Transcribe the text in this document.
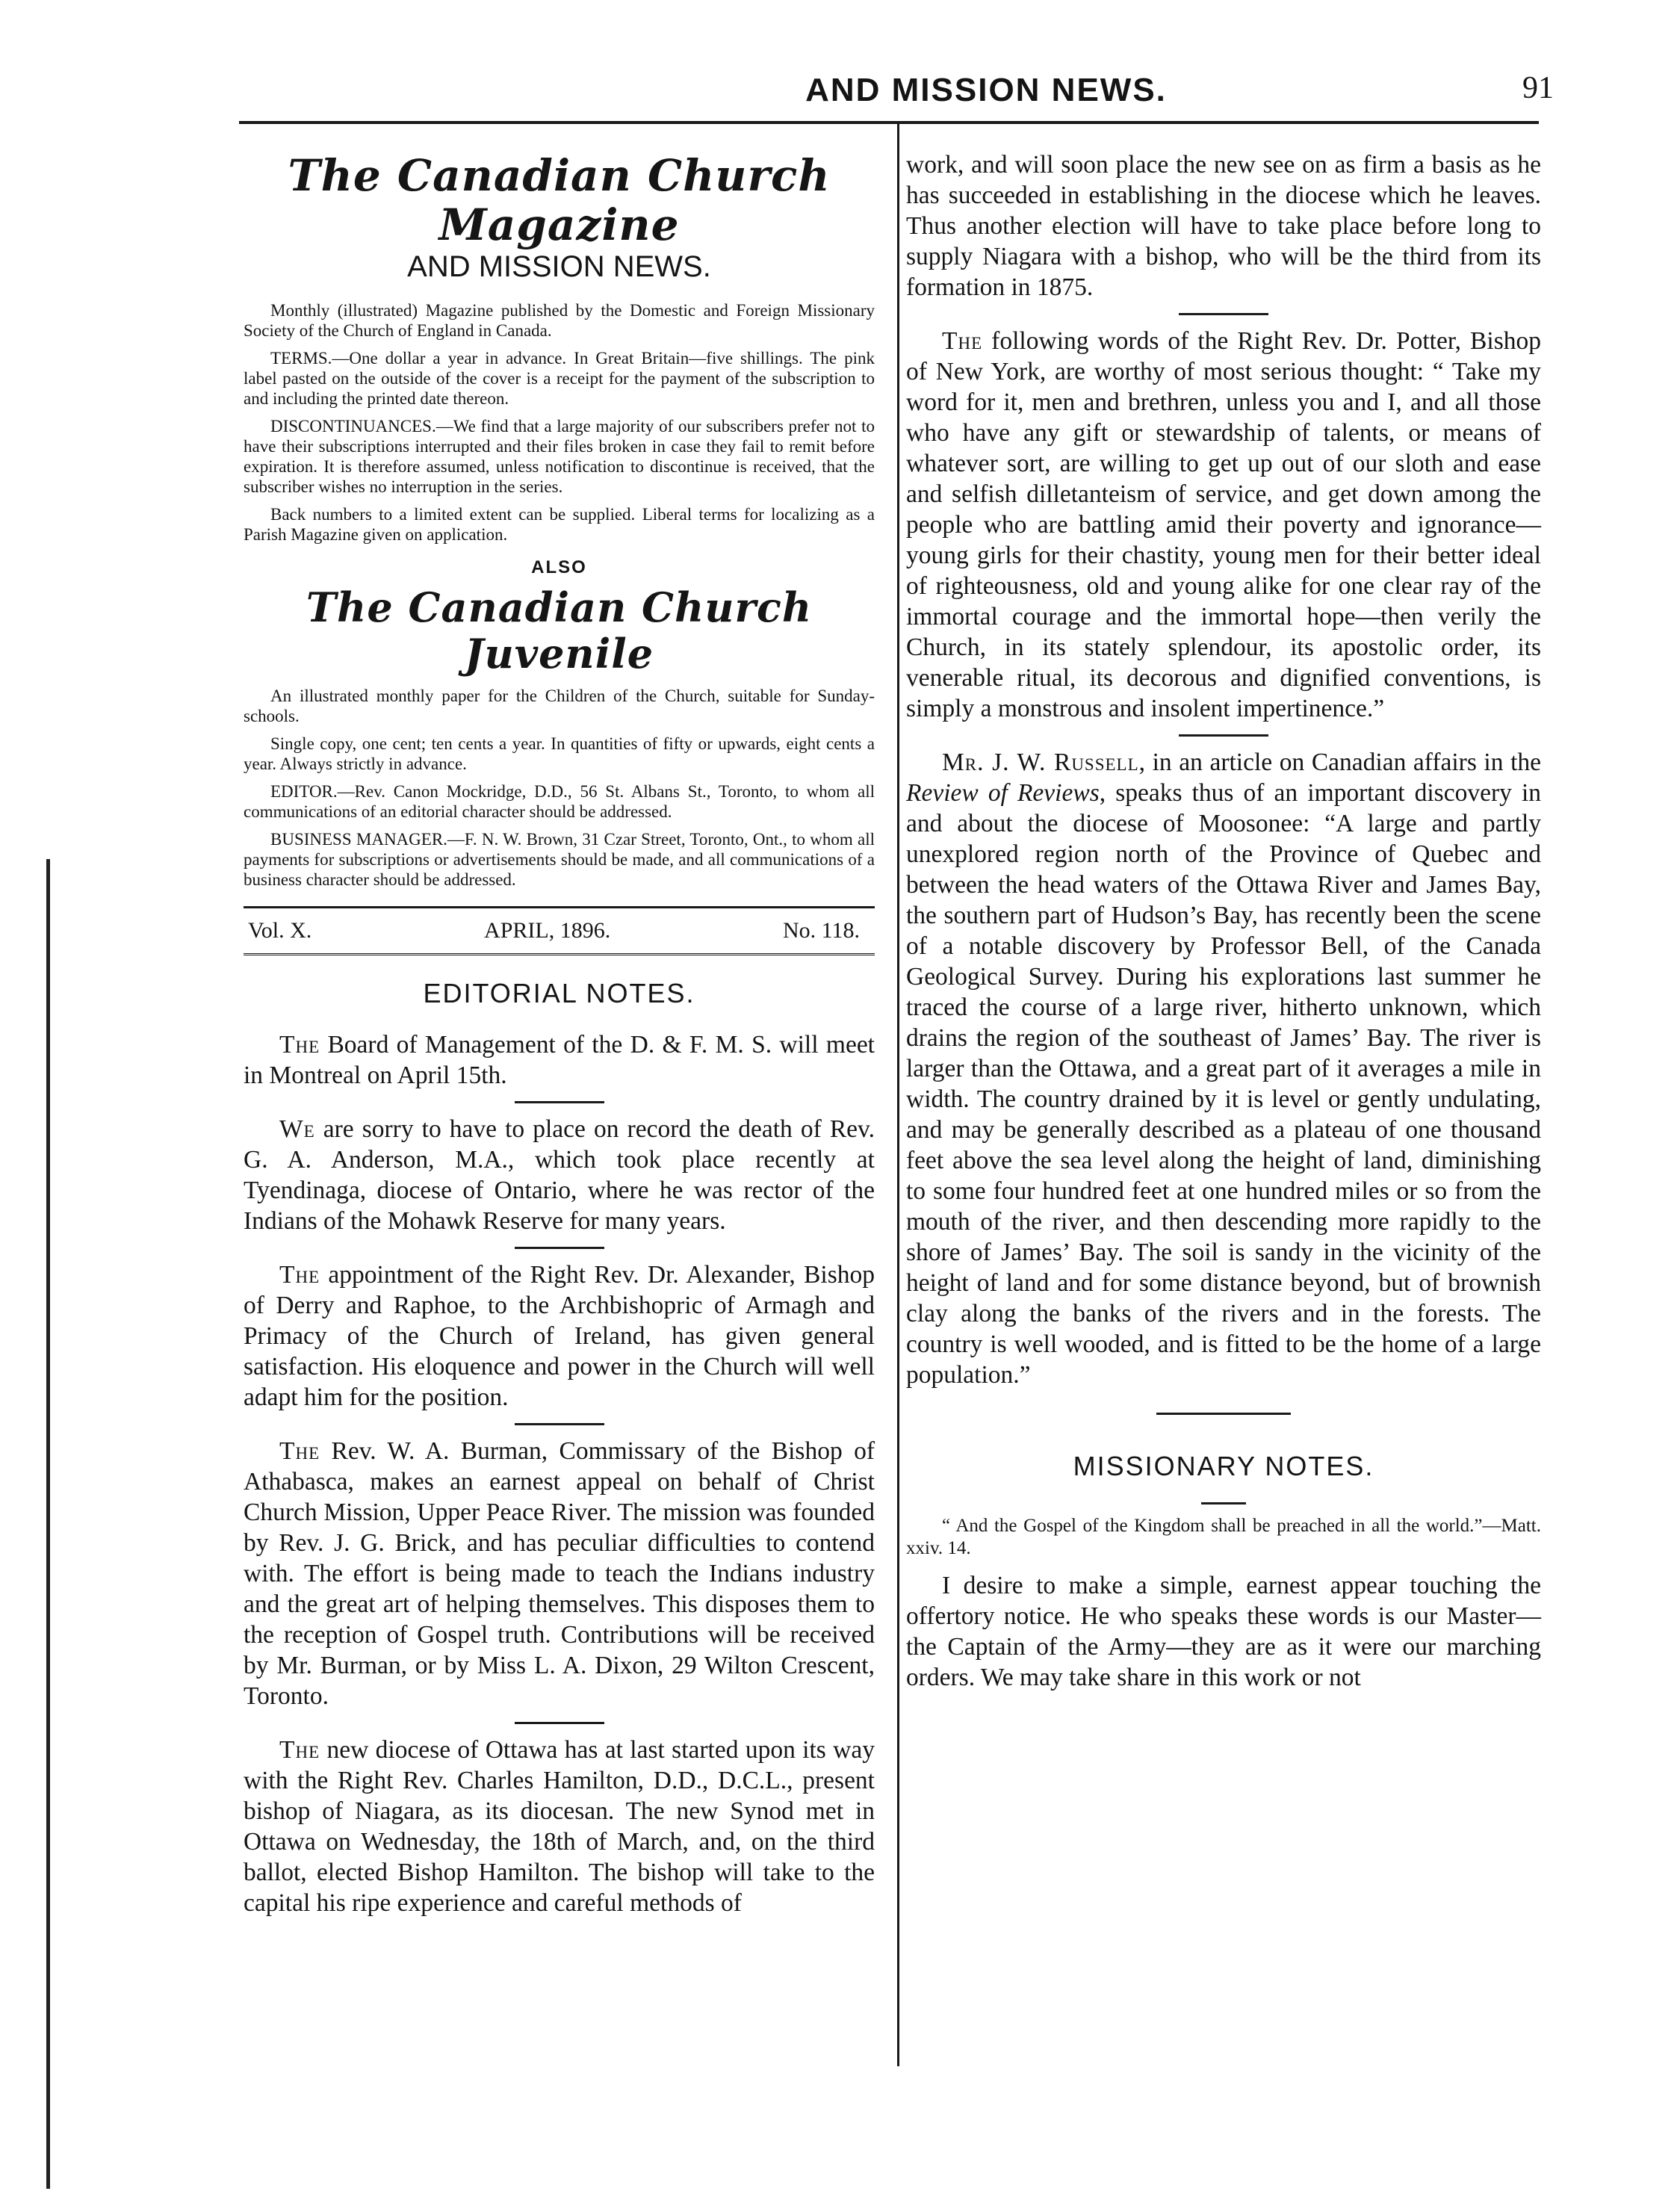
AND MISSION NEWS.	91
The Canadian Church Magazine
AND MISSION NEWS.

Monthly (illustrated) Magazine published by the Domestic and Foreign Missionary Society of the Church of England in Canada.

TERMS.—One dollar a year in advance. In Great Britain—five shillings. The pink label pasted on the outside of the cover is a receipt for the payment of the subscription to and including the printed date thereon.

DISCONTINUANCES.—We find that a large majority of our subscribers prefer not to have their subscriptions interrupted and their files broken in case they fail to remit before expiration. It is therefore assumed, unless notification to discontinue is received, that the subscriber wishes no interruption in the series.

Back numbers to a limited extent can be supplied. Liberal terms for localizing as a Parish Magazine given on application.

ALSO
The Canadian Church Juvenile

An illustrated monthly paper for the Children of the Church, suitable for Sunday-schools.

Single copy, one cent; ten cents a year. In quantities of fifty or upwards, eight cents a year. Always strictly in advance.

EDITOR.—Rev. Canon Mockridge, D.D., 56 St. Albans St., Toronto, to whom all communications of an editorial character should be addressed.

BUSINESS MANAGER.—F. N. W. Brown, 31 Czar Street, Toronto, Ont., to whom all payments for subscriptions or advertisements should be made, and all communications of a business character should be addressed.

Vol. X.	APRIL, 1896.	No. 118.
EDITORIAL NOTES.

The Board of Management of the D. & F. M. S. will meet in Montreal on April 15th.

We are sorry to have to place on record the death of Rev. G. A. Anderson, M.A., which took place recently at Tyendinaga, diocese of Ontario, where he was rector of the Indians of the Mohawk Reserve for many years.

The appointment of the Right Rev. Dr. Alexander, Bishop of Derry and Raphoe, to the Archbishopric of Armagh and Primacy of the Church of Ireland, has given general satisfaction. His eloquence and power in the Church will well adapt him for the position.

The Rev. W. A. Burman, Commissary of the Bishop of Athabasca, makes an earnest appeal on behalf of Christ Church Mission, Upper Peace River. The mission was founded by Rev. J. G. Brick, and has peculiar difficulties to contend with. The effort is being made to teach the Indians industry and the great art of helping themselves. This disposes them to the reception of Gospel truth. Contributions will be received by Mr. Burman, or by Miss L. A. Dixon, 29 Wilton Crescent, Toronto.

The new diocese of Ottawa has at last started upon its way with the Right Rev. Charles Hamilton, D.D., D.C.L., present bishop of Niagara, as its diocesan. The new Synod met in Ottawa on Wednesday, the 18th of March, and, on the third ballot, elected Bishop Hamilton. The bishop will take to the capital his ripe experience and careful methods of

work, and will soon place the new see on as firm a basis as he has succeeded in establishing in the diocese which he leaves. Thus another election will have to take place before long to supply Niagara with a bishop, who will be the third from its formation in 1875.

The following words of the Right Rev. Dr. Potter, Bishop of New York, are worthy of most serious thought: “ Take my word for it, men and brethren, unless you and I, and all those who have any gift or stewardship of talents, or means of whatever sort, are willing to get up out of our sloth and ease and selfish dilletanteism of service, and get down among the people who are battling amid their poverty and ignorance—young girls for their chastity, young men for their better ideal of righteousness, old and young alike for one clear ray of the immortal courage and the immortal hope—then verily the Church, in its stately splendour, its apostolic order, its venerable ritual, its decorous and dignified conventions, is simply a monstrous and insolent impertinence.”

Mr. J. W. Russell, in an article on Canadian affairs in the Review of Reviews, speaks thus of an important discovery in and about the diocese of Moosonee: “A large and partly unexplored region north of the Province of Quebec and between the head waters of the Ottawa River and James Bay, the southern part of Hudson’s Bay, has recently been the scene of a notable discovery by Professor Bell, of the Canada Geological Survey. During his explorations last summer he traced the course of a large river, hitherto unknown, which drains the region of the southeast of James’ Bay. The river is larger than the Ottawa, and a great part of it averages a mile in width. The country drained by it is level or gently undulating, and may be generally described as a plateau of one thousand feet above the sea level along the height of land, diminishing to some four hundred feet at one hundred miles or so from the mouth of the river, and then descending more rapidly to the shore of James’ Bay. The soil is sandy in the vicinity of the height of land and for some distance beyond, but of brownish clay along the banks of the rivers and in the forests. The country is well wooded, and is fitted to be the home of a large population.”

MISSIONARY NOTES.

“ And the Gospel of the Kingdom shall be preached in all the world.”—Matt. xxiv. 14.

I desire to make a simple, earnest appear touching the offertory notice. He who speaks these words is our Master—the Captain of the Army—they are as it were our marching orders. We may take share in this work or not
